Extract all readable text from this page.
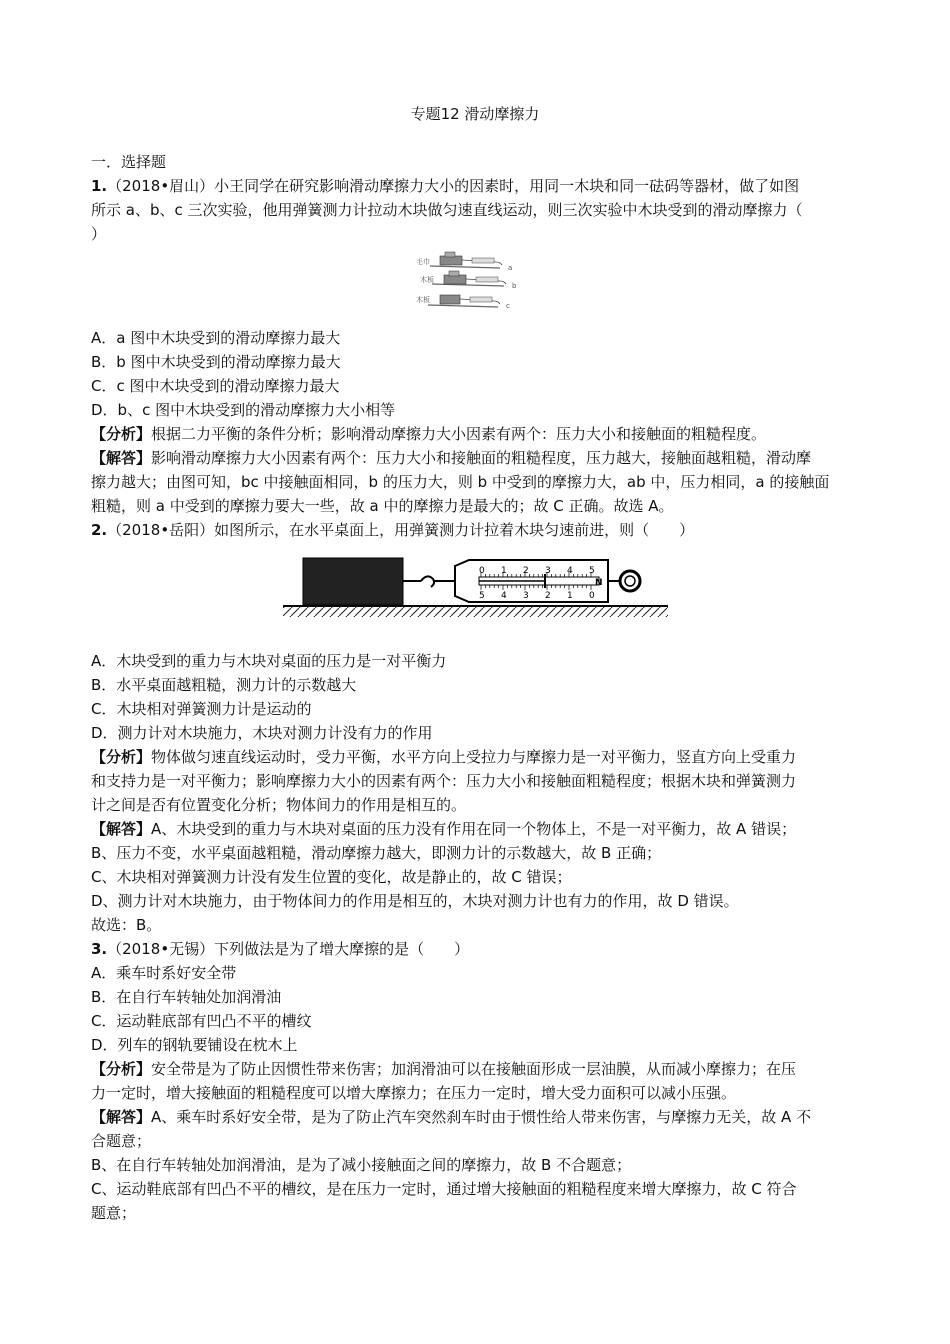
专题12 滑动摩擦力
一．选择题
1.（2018•眉山）小王同学在研究影响滑动摩擦力大小的因素时，用同一木块和同一砝码等器材，做了如图
所示 a、b、c 三次实验，他用弹簧测力计拉动木块做匀速直线运动，则三次实验中木块受到的滑动摩擦力（
）
毛巾
a
木板
b
木板
c
A．a 图中木块受到的滑动摩擦力最大
B．b 图中木块受到的滑动摩擦力最大
C．c 图中木块受到的滑动摩擦力最大
D．b、c 图中木块受到的滑动摩擦力大小相等
【分析】根据二力平衡的条件分析；影响滑动摩擦力大小因素有两个：压力大小和接触面的粗糙程度。
【解答】影响滑动摩擦力大小因素有两个：压力大小和接触面的粗糙程度，压力越大，接触面越粗糙，滑动摩
擦力越大；由图可知，bc 中接触面相同，b 的压力大，则 b 中受到的摩擦力大，ab 中，压力相同，a 的接触面
粗糙，则 a 中受到的摩擦力要大一些，故 a 中的摩擦力是最大的；故 C 正确。故选 A。
2.（2018•岳阳）如图所示，在水平桌面上，用弹簧测力计拉着木块匀速前进，则（　　）
0 1 2 3 4 5
5 4 3 2 1 0
N
A．木块受到的重力与木块对桌面的压力是一对平衡力
B．水平桌面越粗糙，测力计的示数越大
C．木块相对弹簧测力计是运动的
D．测力计对木块施力，木块对测力计没有力的作用
【分析】物体做匀速直线运动时，受力平衡，水平方向上受拉力与摩擦力是一对平衡力，竖直方向上受重力
和支持力是一对平衡力；影响摩擦力大小的因素有两个：压力大小和接触面粗糙程度；根据木块和弹簧测力
计之间是否有位置变化分析；物体间力的作用是相互的。
【解答】A、木块受到的重力与木块对桌面的压力没有作用在同一个物体上，不是一对平衡力，故 A 错误；
B、压力不变，水平桌面越粗糙，滑动摩擦力越大，即测力计的示数越大，故 B 正确；
C、木块相对弹簧测力计没有发生位置的变化，故是静止的，故 C 错误；
D、测力计对木块施力，由于物体间力的作用是相互的，木块对测力计也有力的作用，故 D 错误。
故选：B。
3.（2018•无锡）下列做法是为了增大摩擦的是（　　）
A．乘车时系好安全带
B．在自行车转轴处加润滑油
C．运动鞋底部有凹凸不平的槽纹
D．列车的钢轨要铺设在枕木上
【分析】安全带是为了防止因惯性带来伤害；加润滑油可以在接触面形成一层油膜，从而减小摩擦力；在压
力一定时，增大接触面的粗糙程度可以增大摩擦力；在压力一定时，增大受力面积可以减小压强。
【解答】A、乘车时系好安全带，是为了防止汽车突然刹车时由于惯性给人带来伤害，与摩擦力无关，故 A 不
合题意；
B、在自行车转轴处加润滑油，是为了减小接触面之间的摩擦力，故 B 不合题意；
C、运动鞋底部有凹凸不平的槽纹，是在压力一定时，通过增大接触面的粗糙程度来增大摩擦力，故 C 符合
题意；
